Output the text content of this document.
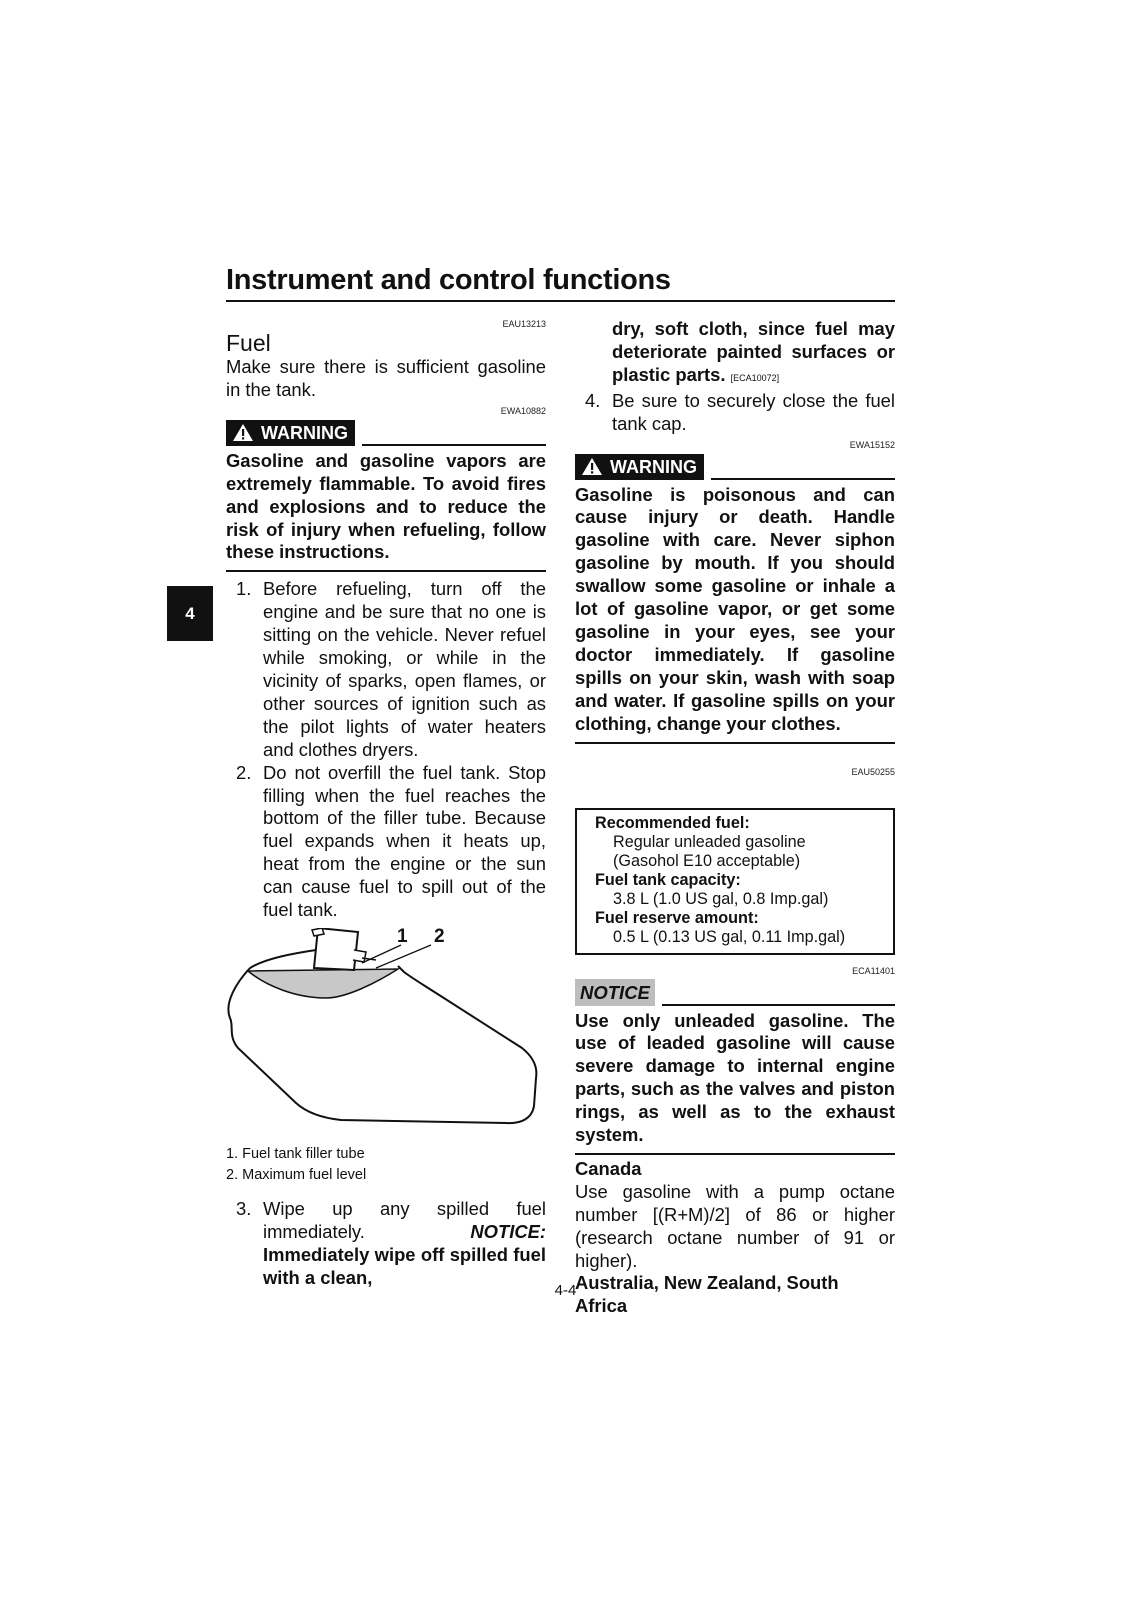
Instrument and control functions
4
EAU13213
Fuel

Make sure there is sufficient gasoline in the tank.

EWA10882
WARNING

Gasoline and gasoline vapors are extremely flammable. To avoid fires and explosions and to reduce the risk of injury when refueling, follow these instructions.

1. Before refueling, turn off the engine and be sure that no one is sitting on the vehicle. Never refuel while smoking, or while in the vicinity of sparks, open flames, or other sources of ignition such as the pilot lights of water heaters and clothes dryers.
2. Do not overfill the fuel tank. Stop filling when the fuel reaches the bottom of the filler tube. Because fuel expands when it heats up, heat from the engine or the sun can cause fuel to spill out of the fuel tank.
1 2
1. Fuel tank filler tube
2. Maximum fuel level
3. Wipe up any spilled fuel immediately.	NOTICE: Immediately wipe off spilled fuel with a clean,
dry, soft cloth, since fuel may deteriorate painted surfaces or plastic parts. [ECA10072]
4. Be sure to securely close the fuel tank cap.
EWA15152
WARNING

Gasoline is poisonous and can cause injury or death. Handle gasoline with care. Never siphon gasoline by mouth. If you should swallow some gasoline or inhale a lot of gasoline vapor, or get some gasoline in your eyes, see your doctor immediately. If gasoline spills on your skin, wash with soap and water. If gasoline spills on your clothing, change your clothes.

EAU50255
Recommended fuel:
Regular unleaded gasoline
(Gasohol E10 acceptable)
Fuel tank capacity:
3.8 L (1.0 US gal, 0.8 Imp.gal)
Fuel reserve amount:
0.5 L (0.13 US gal, 0.11 Imp.gal)
ECA11401
NOTICE

Use only unleaded gasoline. The use of leaded gasoline will cause severe damage to internal engine parts, such as the valves and piston rings, as well as to the exhaust system.

Canada

Use gasoline with a pump octane number [(R+M)/2] of 86 or higher (research octane number of 91 or higher).

Australia, New Zealand, South Africa
4-4
